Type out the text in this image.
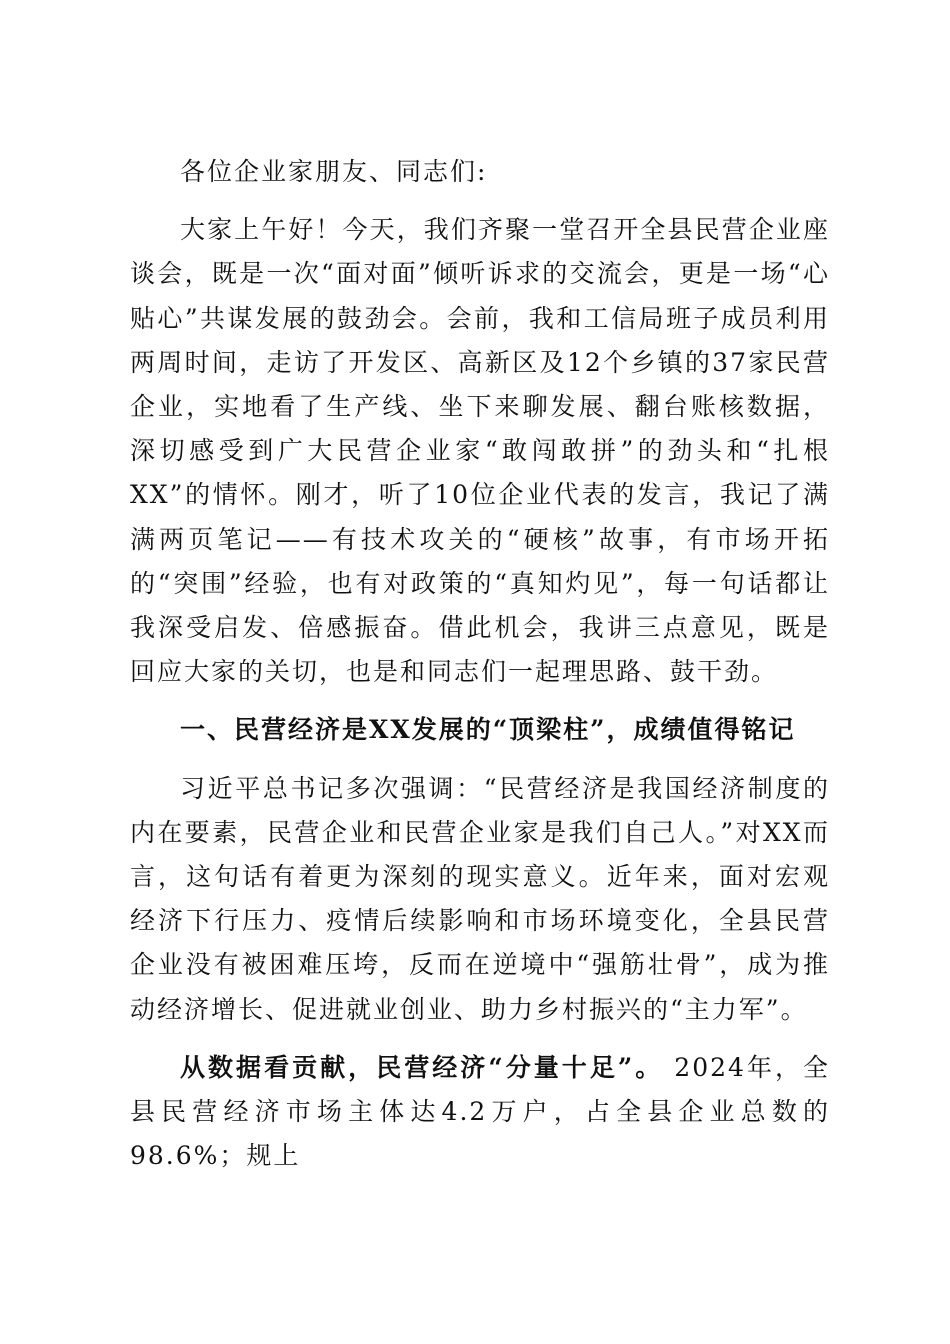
各位企业家朋友、同志们:

大家上午好！今天，我们齐聚一堂召开全县民营企业座谈会，既是一次“面对面”倾听诉求的交流会，更是一场“心贴心”共谋发展的鼓劲会。会前，我和工信局班子成员利用两周时间，走访了开发区、高新区及12个乡镇的37家民营企业，实地看了生产线、坐下来聊发展、翻台账核数据，深切感受到广大民营企业家“敢闯敢拼”的劲头和“扎根XX”的情怀。刚才，听了10位企业代表的发言，我记了满满两页笔记——有技术攻关的“硬核”故事，有市场开拓的“突围”经验，也有对政策的“真知灼见”，每一句话都让我深受启发、倍感振奋。借此机会，我讲三点意见，既是回应大家的关切，也是和同志们一起理思路、鼓干劲。

一、民营经济是XX发展的“顶梁柱”，成绩值得铭记

习近平总书记多次强调：“民营经济是我国经济制度的内在要素，民营企业和民营企业家是我们自己人。”对XX而言，这句话有着更为深刻的现实意义。近年来，面对宏观经济下行压力、疫情后续影响和市场环境变化，全县民营企业没有被困难压垮，反而在逆境中“强筋壮骨”，成为推动经济增长、促进就业创业、助力乡村振兴的“主力军”。

从数据看贡献，民营经济“分量十足”。 2024年，全县民营经济市场主体达4.2万户，占全县企业总数的98.6%；规上
